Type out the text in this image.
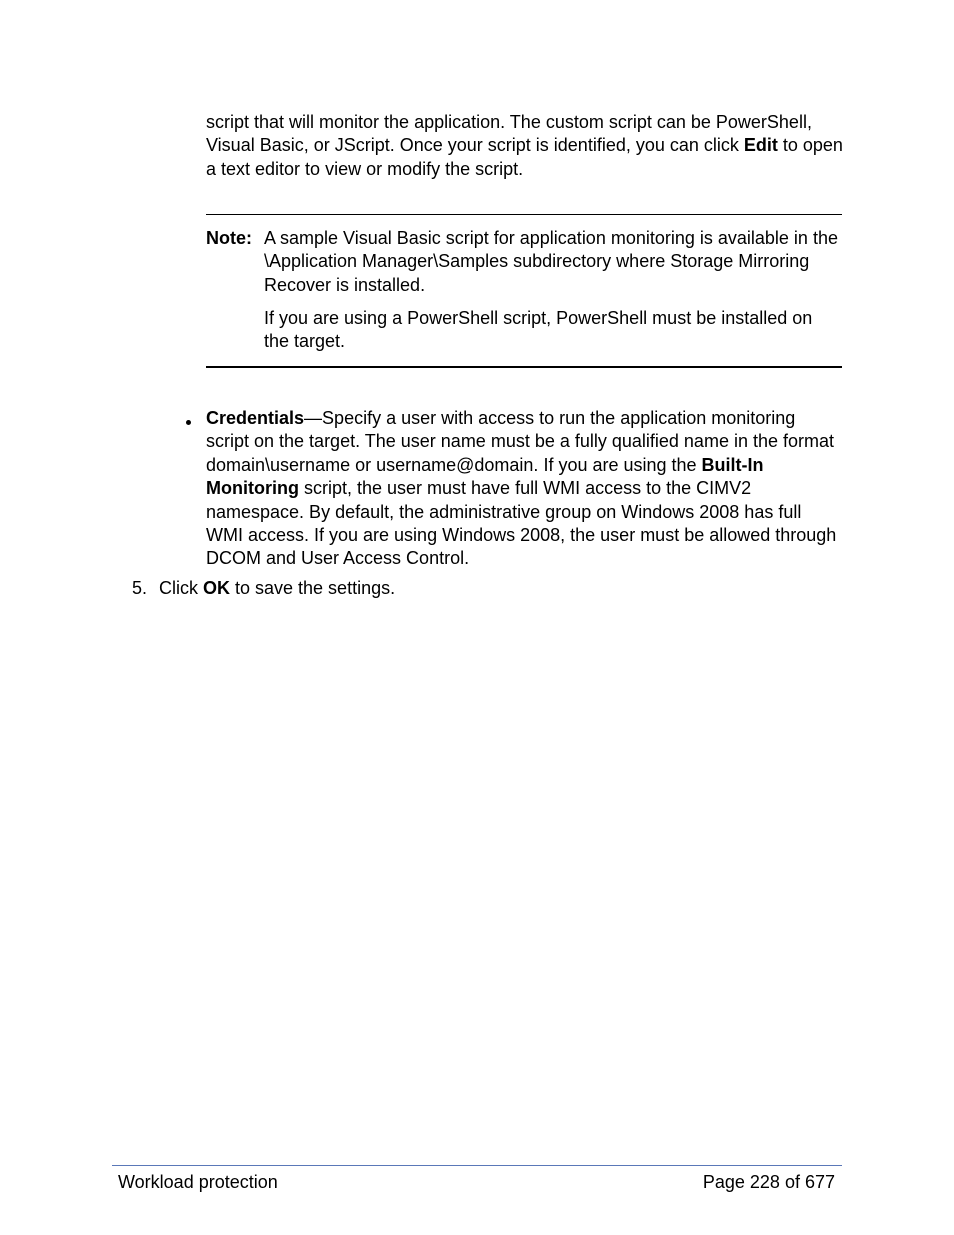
script that will monitor the application. The custom script can be PowerShell, Visual Basic, or JScript. Once your script is identified, you can click Edit to open a text editor to view or modify the script.

Note: A sample Visual Basic script for application monitoring is available in the \Application Manager\Samples subdirectory where Storage Mirroring Recover is installed.

If you are using a PowerShell script, PowerShell must be installed on the target.

Credentials—Specify a user with access to run the application monitoring script on the target. The user name must be a fully qualified name in the format domain\username or username@domain. If you are using the Built-In Monitoring script, the user must have full WMI access to the CIMV2 namespace. By default, the administrative group on Windows 2008 has full WMI access. If you are using Windows 2008, the user must be allowed through DCOM and User Access Control.

5. Click OK to save the settings.
Workload protection	Page 228 of 677
